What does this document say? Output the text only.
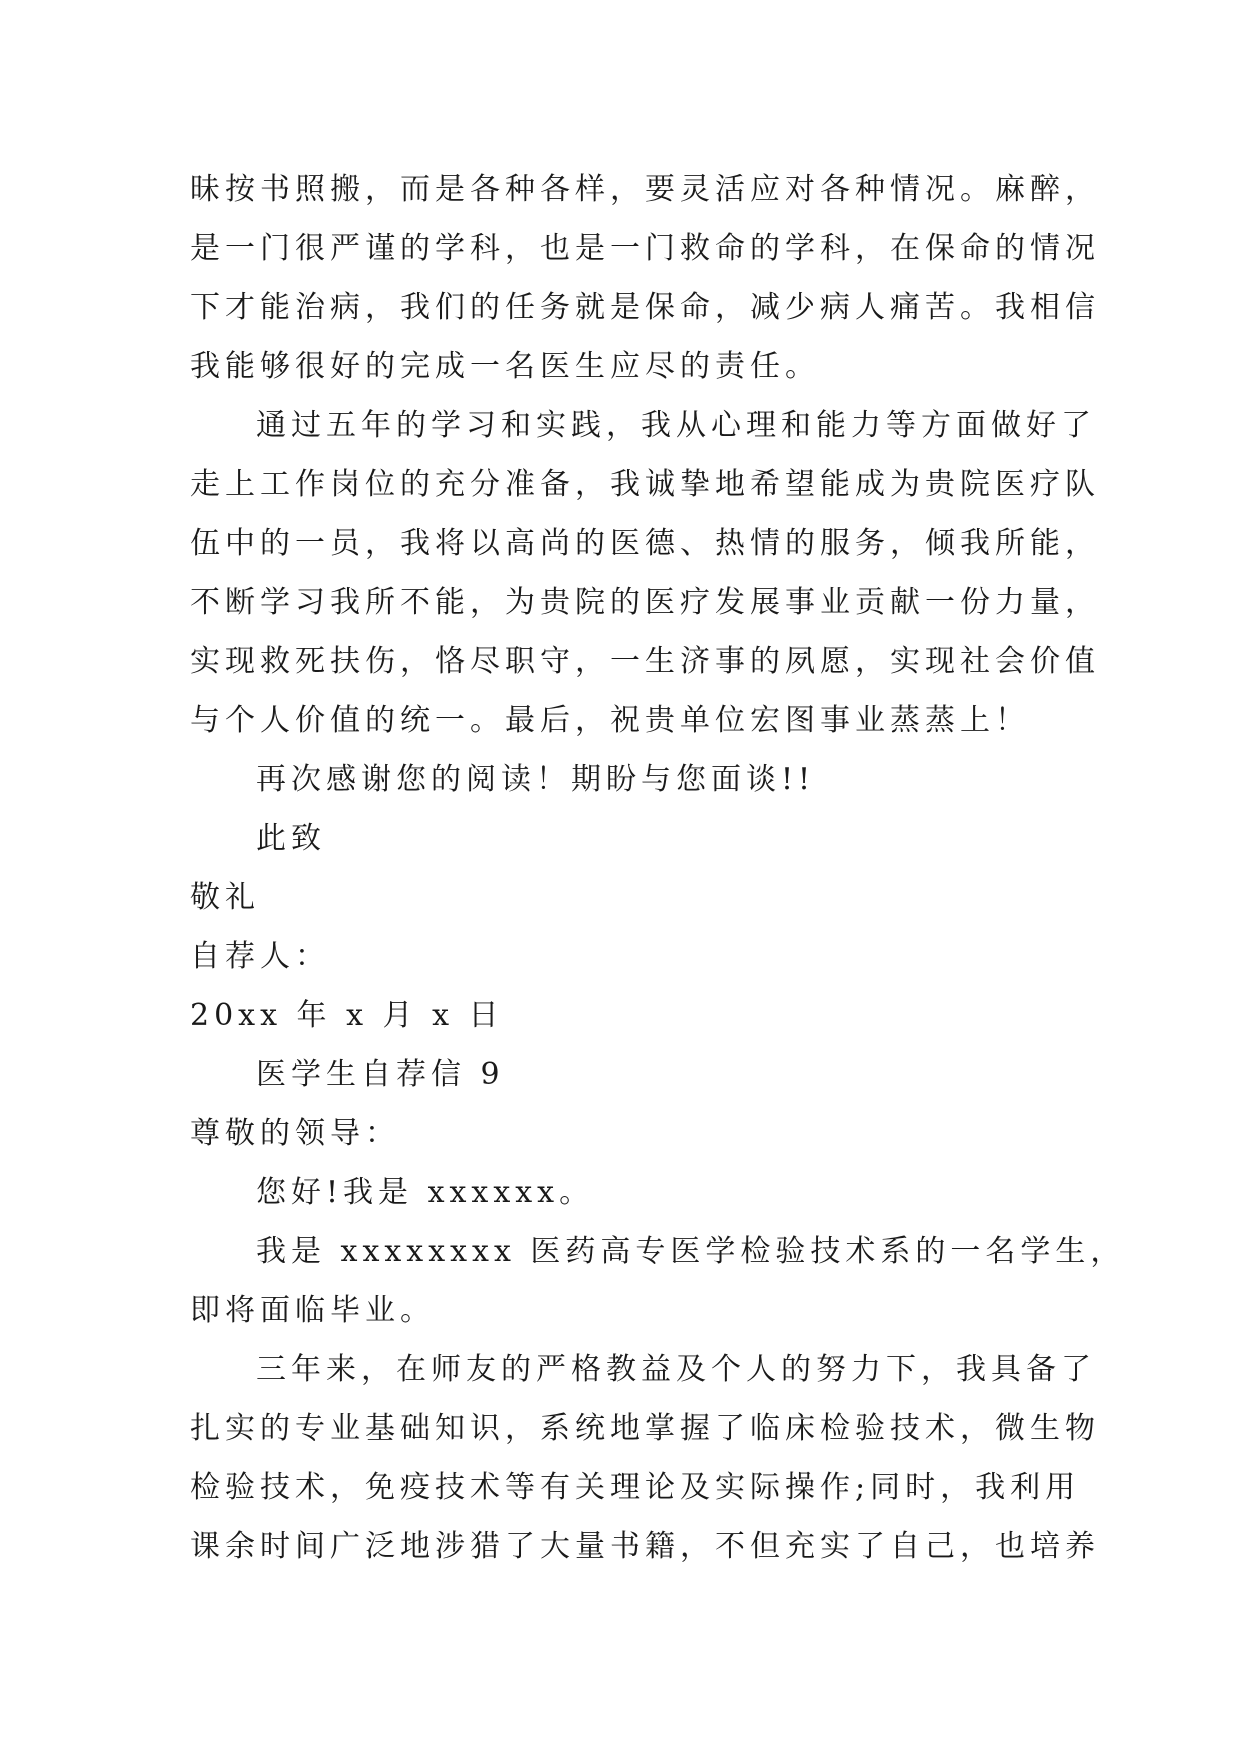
昧按书照搬，而是各种各样，要灵活应对各种情况。麻醉，
是一门很严谨的学科，也是一门救命的学科，在保命的情况
下才能治病，我们的任务就是保命，减少病人痛苦。我相信
我能够很好的完成一名医生应尽的责任。
通过五年的学习和实践，我从心理和能力等方面做好了
走上工作岗位的充分准备，我诚挚地希望能成为贵院医疗队
伍中的一员，我将以高尚的医德、热情的服务，倾我所能，
不断学习我所不能，为贵院的医疗发展事业贡献一份力量，
实现救死扶伤，恪尽职守，一生济事的夙愿，实现社会价值
与个人价值的统一。最后，祝贵单位宏图事业蒸蒸上！
再次感谢您的阅读！期盼与您面谈!!
此致
敬礼
自荐人：
20xx 年 x 月 x 日
医学生自荐信 9
尊敬的领导：
您好!我是 xxxxxx。
我是 xxxxxxxx 医药高专医学检验技术系的一名学生，
即将面临毕业。
三年来，在师友的严格教益及个人的努力下，我具备了
扎实的专业基础知识，系统地掌握了临床检验技术，微生物
检验技术，免疫技术等有关理论及实际操作;同时，我利用
课余时间广泛地涉猎了大量书籍，不但充实了自己，也培养
